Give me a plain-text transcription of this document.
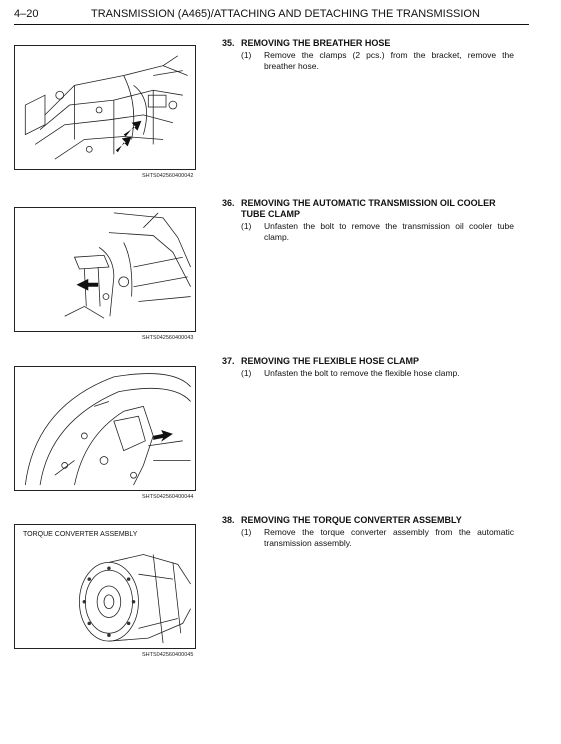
4–20	TRANSMISSION (A465)/ATTACHING AND DETACHING THE TRANSMISSION
SHTS042560400042
SHTS042560400043
SHTS042560400044
TORQUE CONVERTER ASSEMBLY
SHTS042560400045
35. REMOVING THE BREATHER HOSE
(1) Remove the clamps (2 pcs.) from the bracket, remove the breather hose.
36. REMOVING THE AUTOMATIC TRANSMISSION OIL COOLER
TUBE CLAMP
(1) Unfasten the bolt to remove the transmission oil cooler tube clamp.
37. REMOVING THE FLEXIBLE HOSE CLAMP
(1) Unfasten the bolt to remove the flexible hose clamp.
38. REMOVING THE TORQUE CONVERTER ASSEMBLY
(1) Remove the torque converter assembly from the automatic transmission assembly.
